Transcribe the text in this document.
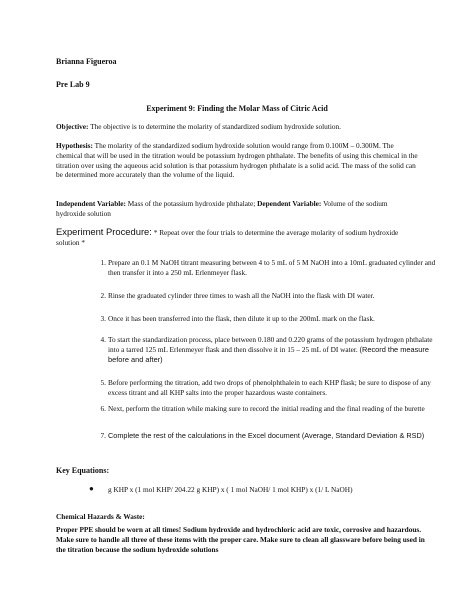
Brianna Figueroa
Pre Lab 9
Experiment 9: Finding the Molar Mass of Citric Acid
Objective: The objective is to determine the molarity of standardized sodium hydroxide solution.
Hypothesis: The molarity of the standardized sodium hydroxide solution would range from 0.100M – 0.300M. The chemical that will be used in the titration would be potassium hydrogen phthalate. The benefits of using this chemical in the titration over using the aqueous acid solution is that potassium hydrogen phthalate is a solid acid. The mass of the solid can be determined more accurately than the volume of the liquid.
Independent Variable: Mass of the potassium hydroxide phthalate; Dependent Variable: Volume of the sodium hydroxide solution
Experiment Procedure: * Repeat over the four trials to determine the average molarity of sodium hydroxide solution *
1. Prepare an 0.1 M NaOH titrant measuring between 4 to 5 mL of 5 M NaOH into a 10mL graduated cylinder and then transfer it into a 250 mL Erlenmeyer flask.
2. Rinse the graduated cylinder three times to wash all the NaOH into the flask with DI water.
3. Once it has been transferred into the flask, then dilute it up to the 200mL mark on the flask.
4. To start the standardization process, place between 0.180 and 0.220 grams of the potassium hydrogen phthalate into a tarred 125 mL Erlenmeyer flask and then dissolve it in 15 – 25 mL of DI water. (Record the measure before and after)
5. Before performing the titration, add two drops of phenolphthalein to each KHP flask; be sure to dispose of any excess titrant and all KHP salts into the proper hazardous waste containers.
6. Next, perform the titration while making sure to record the initial reading and the final reading of the burette
7. Complete the rest of the calculations in the Excel document (Average, Standard Deviation & RSD)
Key Equations:
● g KHP x (1 mol KHP/ 204.22 g KHP) x ( 1 mol NaOH/ 1 mol KHP) x (1/ L NaOH)
Chemical Hazards & Waste:
Proper PPE should be worn at all times! Sodium hydroxide and hydrochloric acid are toxic, corrosive and hazardous. Make sure to handle all three of these items with the proper care. Make sure to clean all glassware before being used in the titration because the sodium hydroxide solutions
